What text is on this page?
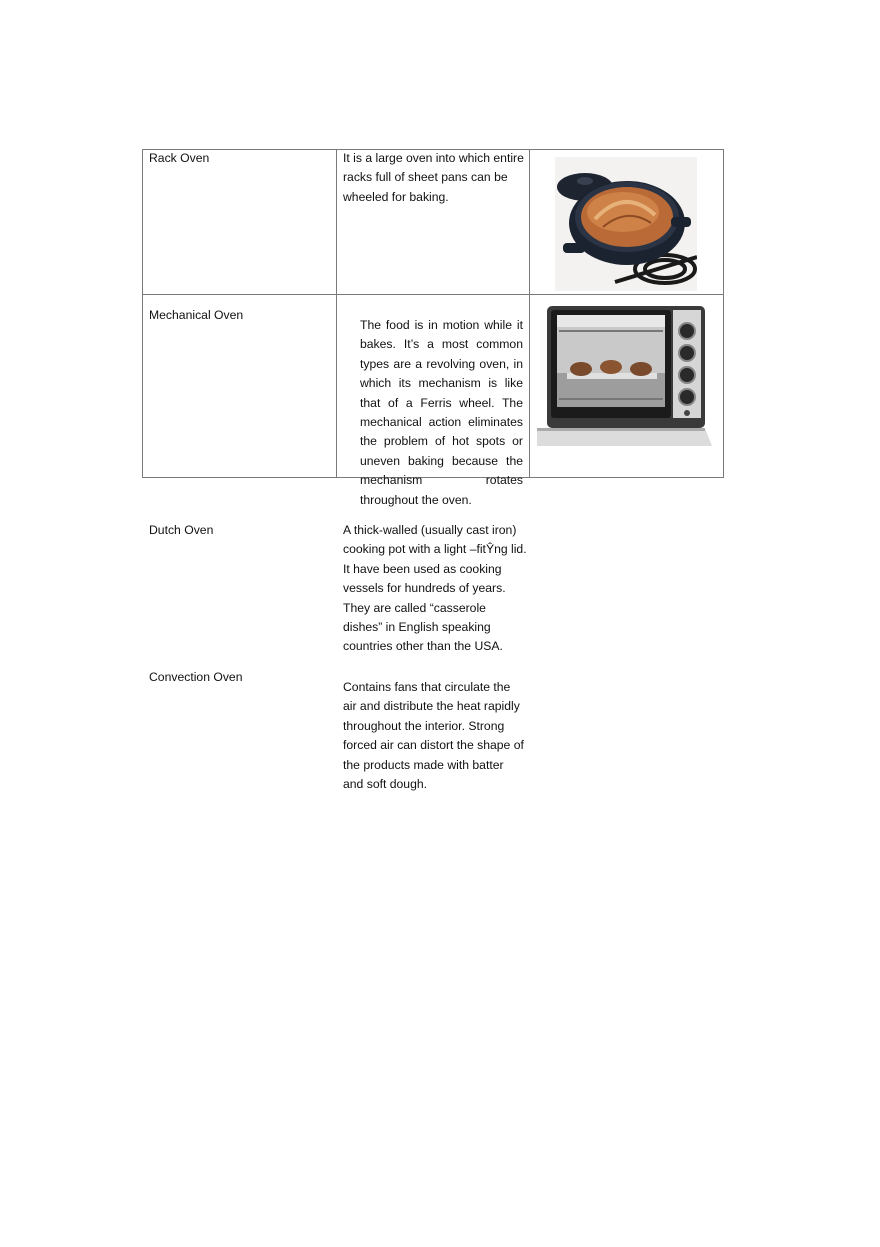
Rack Oven	It is a large oven into which entire racks full of sheet pans can be wheeled for baking.
Mechanical Oven
The food is in motion while it bakes. It’s a most common types are a revolving oven, in which its mechanism is like that of a Ferris wheel. The mechanical action eliminates the problem of hot spots or uneven baking because the mechanism rotates throughout the oven.
Dutch Oven	A thick-walled (usually cast iron) cooking pot with a light –fitŶng lid. It have been used as cooking vessels for hundreds of years. They are called “casserole dishes” in English speaking countries other than the USA.
Convection Oven
Contains fans that circulate the air and distribute the heat rapidly throughout the interior. Strong forced air can distort the shape of the products made with batter and soft dough.
